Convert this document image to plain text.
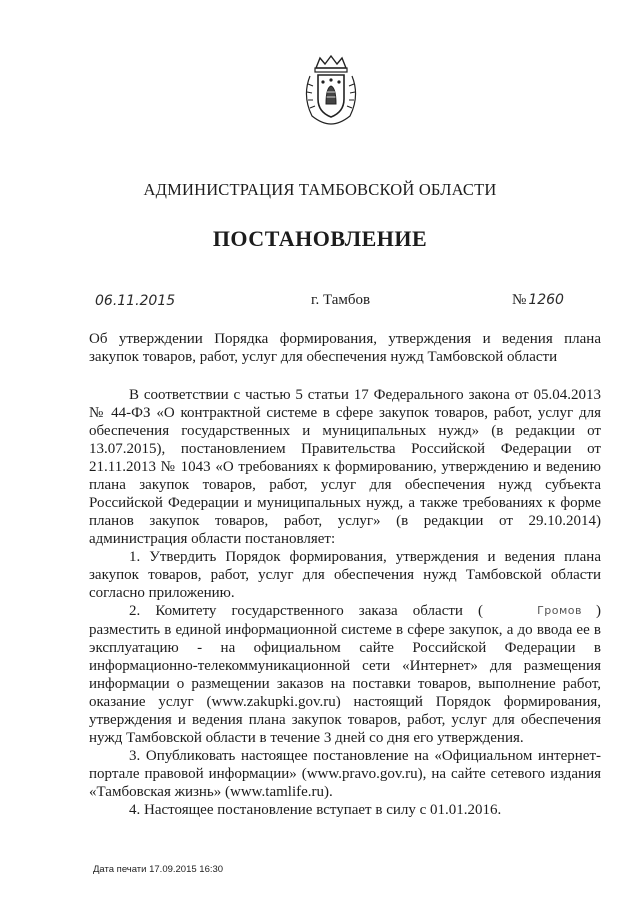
АДМИНИСТРАЦИЯ ТАМБОВСКОЙ ОБЛАСТИ
ПОСТАНОВЛЕНИЕ
06.11.2015	г. Тамбов	№ 1260
Об утверждении Порядка формирования, утверждения и ведения плана закупок товаров, работ, услуг для обеспечения нужд Тамбовской области

В соответствии с частью 5 статьи 17 Федерального закона от 05.04.2013 № 44-ФЗ «О контрактной системе в сфере закупок товаров, работ, услуг для обеспечения государственных и муниципальных нужд» (в редакции от 13.07.2015), постановлением Правительства Российской Федерации от 21.11.2013 № 1043 «О требованиях к формированию, утверждению и ведению плана закупок товаров, работ, услуг для обеспечения нужд субъекта Российской Федерации и муниципальных нужд, а также требованиях к форме планов закупок товаров, работ, услуг» (в редакции от 29.10.2014) администрация области постановляет:

1. Утвердить Порядок формирования, утверждения и ведения плана закупок товаров, работ, услуг для обеспечения нужд Тамбовской области согласно приложению.

2. Комитету государственного заказа области (	Громов ) разместить в единой информационной системе в сфере закупок, а до ввода ее в эксплуатацию - на официальном сайте Российской Федерации в информационно-телекоммуникационной сети «Интернет» для размещения информации о размещении заказов на поставки товаров, выполнение работ, оказание услуг (www.zakupki.gov.ru) настоящий Порядок формирования, утверждения и ведения плана закупок товаров, работ, услуг для обеспечения нужд Тамбовской области в течение 3 дней со дня его утверждения.

3. Опубликовать настоящее постановление на «Официальном интернет-портале правовой информации» (www.pravo.gov.ru), на сайте сетевого издания «Тамбовская жизнь» (www.tamlife.ru).

4. Настоящее постановление вступает в силу с 01.01.2016.

Дата печати 17.09.2015 16:30
